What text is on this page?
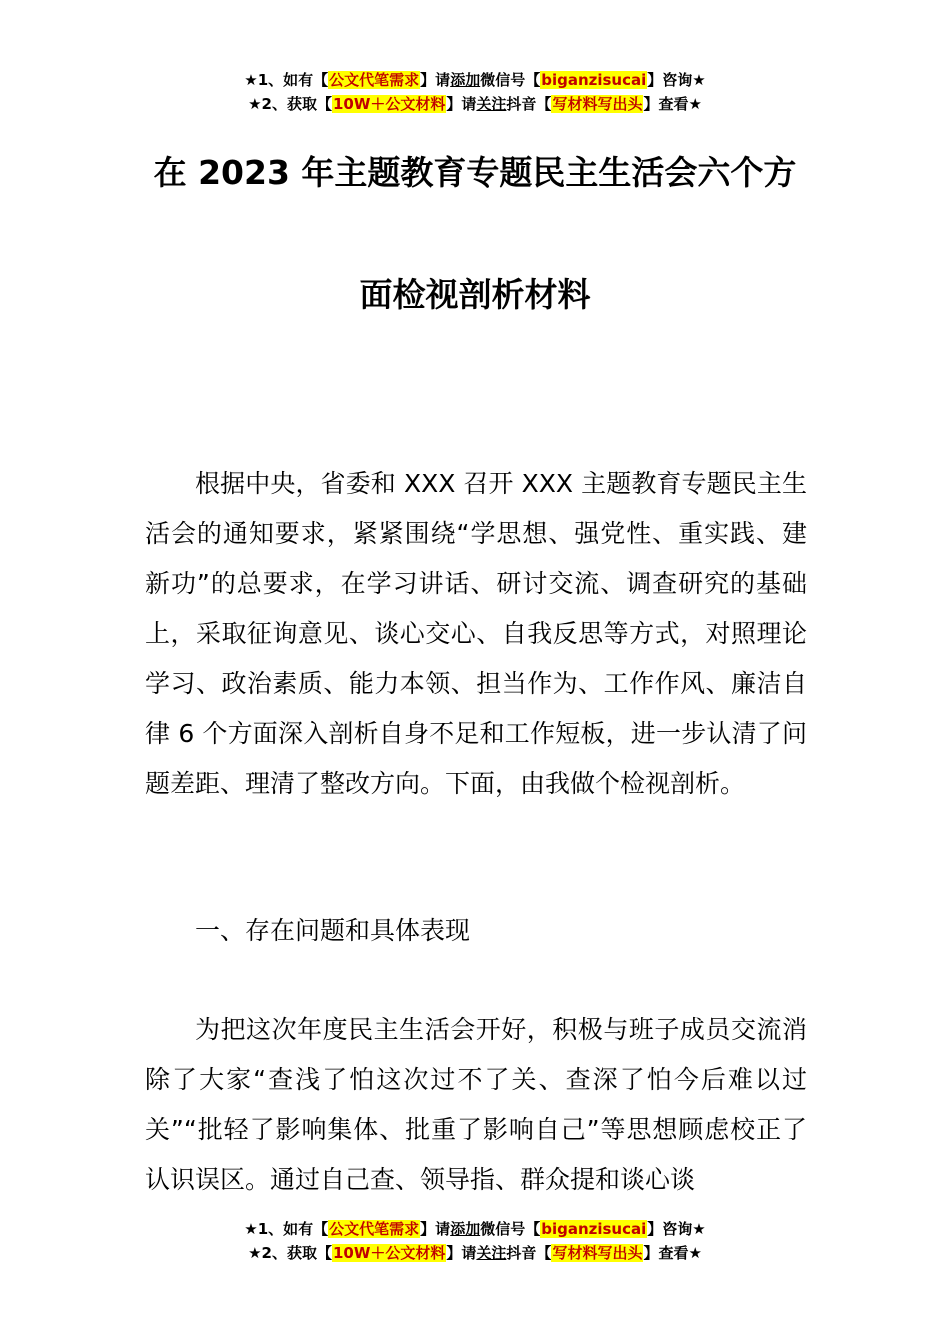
★1、如有【公文代笔需求】请添加微信号【biganzisucai】咨询★
★2、获取【10W＋公文材料】请关注抖音【写材料写出头】查看★
在 2023 年主题教育专题民主生活会六个方
面检视剖析材料

根据中央，省委和 XXX 召开 XXX 主题教育专题民主生活会的通知要求，紧紧围绕“学思想、强党性、重实践、建新功”的总要求，在学习讲话、研讨交流、调查研究的基础上，采取征询意见、谈心交心、自我反思等方式，对照理论学习、政治素质、能力本领、担当作为、工作作风、廉洁自律 6 个方面深入剖析自身不足和工作短板，进一步认清了问题差距、理清了整改方向。下面，由我做个检视剖析。

一、存在问题和具体表现

为把这次年度民主生活会开好，积极与班子成员交流消除了大家“查浅了怕这次过不了关、查深了怕今后难以过关”“批轻了影响集体、批重了影响自己”等思想顾虑校正了认识误区。通过自己查、领导指、群众提和谈心谈

★1、如有【公文代笔需求】请添加微信号【biganzisucai】咨询★
★2、获取【10W＋公文材料】请关注抖音【写材料写出头】查看★
